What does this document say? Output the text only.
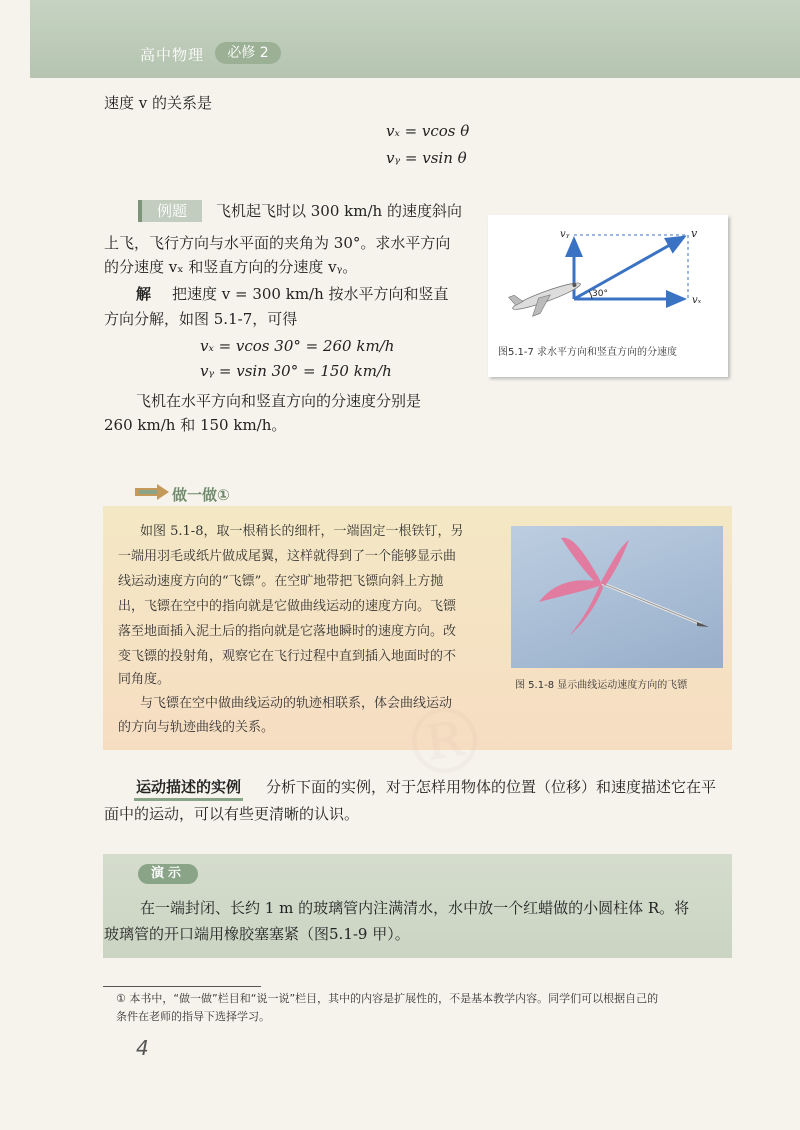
高中物理	必修 2
速度 v 的关系是
vₓ = vcos θ
vᵧ = vsin θ
例题	飞机起飞时以 300 km/h 的速度斜向
上飞，飞行方向与水平面的夹角为 30°。求水平方向
的分速度 vₓ 和竖直方向的分速度 vᵧ。
解 把速度 v = 300 km/h 按水平方向和竖直
方向分解，如图 5.1-7，可得
vₓ = vcos 30° = 260 km/h
vᵧ = vsin 30° = 150 km/h
飞机在水平方向和竖直方向的分速度分别是
260 km/h 和 150 km/h。
30°
vᵧ	v
vₓ
图5.1-7 求水平方向和竖直方向的分速度
做一做①
®
如图 5.1-8，取一根稍长的细杆，一端固定一根铁钉，另
一端用羽毛或纸片做成尾翼，这样就得到了一个能够显示曲
线运动速度方向的“飞镖”。在空旷地带把飞镖向斜上方抛
出，飞镖在空中的指向就是它做曲线运动的速度方向。飞镖
落至地面插入泥土后的指向就是它落地瞬时的速度方向。改
变飞镖的投射角，观察它在飞行过程中直到插入地面时的不
同角度。
与飞镖在空中做曲线运动的轨迹相联系，体会曲线运动
的方向与轨迹曲线的关系。
图 5.1-8 显示曲线运动速度方向的飞镖
运动描述的实例 分析下面的实例，对于怎样用物体的位置（位移）和速度描述它在平
面中的运动，可以有些更清晰的认识。
演示
在一端封闭、长约 1 m 的玻璃管内注满清水，水中放一个红蜡做的小圆柱体 R。将
玻璃管的开口端用橡胶塞塞紧（图5.1-9 甲）。
① 本书中，“做一做”栏目和“说一说”栏目，其中的内容是扩展性的，不是基本教学内容。同学们可以根据自己的
条件在老师的指导下选择学习。
4
